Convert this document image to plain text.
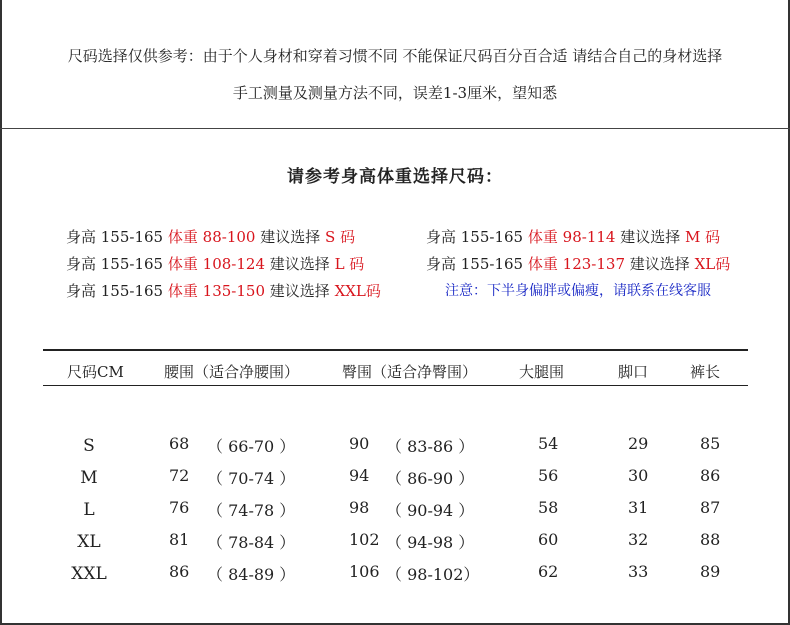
尺码选择仅供参考：由于个人身材和穿着习惯不同 不能保证尺码百分百合适 请结合自己的身材选择
手工测量及测量方法不同，误差1-3厘米，望知悉
请参考身高体重选择尺码：
身高 155-165 体重 88-100 建议选择 S 码	身高 155-165 体重 98-114 建议选择 M 码
身高 155-165 体重 108-124 建议选择 L 码	身高 155-165 体重 123-137 建议选择 XL码
身高 155-165 体重 135-150 建议选择 XXL码	注意：下半身偏胖或偏瘦，请联系在线客服
尺码CM	腰围（适合净腰围）	臀围（适合净臀围）	大腿围	脚口	裤长
S	68 （ 66-70 ）	90 （ 83-86 ）	54	29	85
M	72 （ 70-74 ）	94 （ 86-90 ）	56	30	86
L	76 （ 74-78 ）	98 （ 90-94 ）	58	31	87
XL	81 （ 78-84 ）	102 （ 94-98 ）	60	32	88
XXL	86 （ 84-89 ）	106 （ 98-102）	62	33	89
